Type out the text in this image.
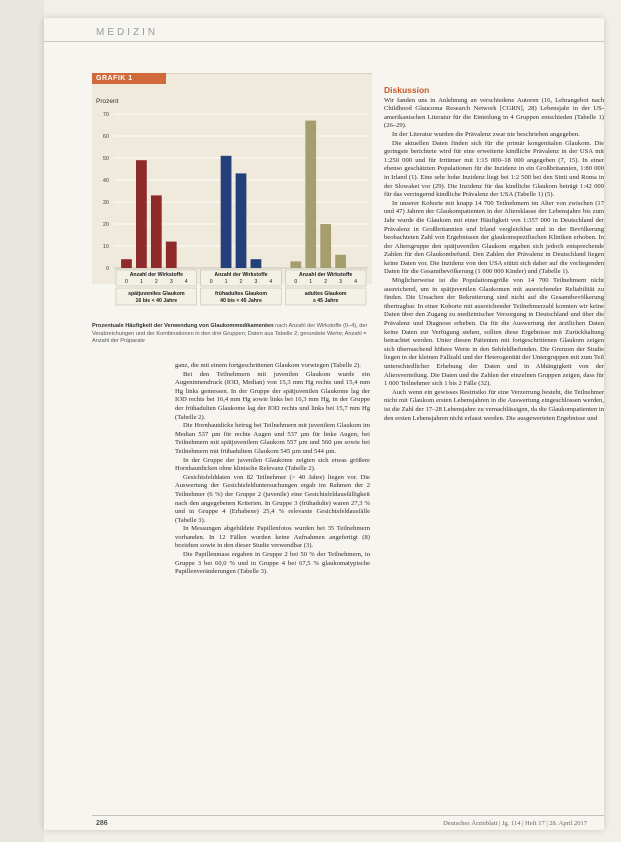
MEDIZIN
GRAFIK 1
Prozent
0
10
20
30
40
50
60
70
Anzahl der Wirkstoffe
0 1 2 3 4
spätjuveniles Glaukom
16 bis < 40 Jahre
Anzahl der Wirkstoffe
0 1 2 3 4
frühadultes Glaukom
40 bis < 45 Jahre
Anzahl der Wirkstoffe
0 1 2 3 4
adultes Glaukom
≥ 45 Jahre
Prozentuale Häufigkeit der Verwendung von Glaukommedikamenten nach Anzahl der Wirkstoffe (0–4), der Verabreichungen und der Kombinationen in den drei Gruppen; Daten aus Tabelle 2; gerundete Werte; Anzahl = Anzahl der Präparate
Diskussion

Wir fanden uns in Anlehnung an verschiedene Autoren (16, Lehrangebot nach Childhood Glaucoma Research Network [CGRN], 28) Lebensjahr in der US-amerikanischen Literatur für die Einteilung in 4 Gruppen entschieden (Tabelle 1) (26–29).

In der Literatur wurden die Prävalenz zwar nie beschrieben angegeben.

Die aktuellen Daten finden sich für die primär kongenitalen Glaukom. Die geringste berichtete wird für eine erweiterte kindliche Prävalenz in der USA mit 1:250 000 und für Irrtümer mit 1:15 000–18 000 angegeben (7, 15). In einer ebenso geschätzten Populationen für die Inzidenz in ein Großbritannien, 1:80 000 in Irland (1). Eine sehr hohe Inzidenz liegt bei 1:2 500 bei den Sinti und Roma in der Slowakei vor (29). Die Inzidenz für das kindliche Glaukom beträgt 1:42 000 für das verringernd kindliche Prävalenz der USA (Tabelle 1) (5).

In unserer Kohorte mit knapp 14 700 Teilnehmern im Alter von zwischen (17 und 47) Jahren der Glaukompatienten in der Altersklasse der Lebensjahre bis zum Jahr wurde die Glaukom mit einer Häufigkeit von 1:357 000 in Deutschland der Prävalenz in Großbritannien und Irland vergleichbar und in der Bevölkerung beobachteten Zahl von Ergebnissen der glaukomspezifischen Kliniken erhoben. In der Altersgruppe den spätjuvenilen Glaukom ergaben sich jedoch entsprechende Zahlen für den Glaukombefund. Den Zahlen der Prävalenz in Deutschland liegen keine Daten vor. Die Inzidenz von den USA stützt sich daher auf die vorliegenden Daten für die Gesamtbevölkerung (1 000 000 Kinder) und (Tabelle 1).

Möglicherweise ist die Populationsgröße von 14 700 Teilnehmern nicht ausreichend, um in spätjuvenilen Glaukomen mit ausreichender Reliabilität zu finden. Die Ursachen der Rekrutierung sind nicht auf die Gesamtbevölkerung übertragbar. In einer Kohorte mit ausreichender Teilnehmerzahl konnten wir keine Daten über den Zugang zu medizinischer Versorgung in Deutschland und über die Prävalenz und Diagnose erheben. Da für die Auswertung der ärztlichen Daten keine Daten zur Verfügung stehen, sollten diese Ergebnisse mit Zurückhaltung betrachtet werden. Unter diesen Patienten mit fortgeschrittenen Glaukom zeigen sich überraschend höhere Werte in den Sehfeldbefunden. Die Grenzen der Studie liegen in der kleinen Fallzahl und der Heterogenität der Untergruppen mit zum Teil unterschiedlicher Erhebung der Daten und in Abhängigkeit von der Altersverteilung. Die Daten und die Zahlen der einzelnen Gruppen zeigen, dass für 1 000 Teilnehmer sich 1 bis 2 Fälle (32).

Auch wenn ein gewisses Restrisiko für eine Verzerrung besteht, die Teilnehmer nicht mit Glaukom ersten Lebensjahren in die Auswertung eingeschlossen werden, ist die Zahl der 17–28 Lebensjahre zu vernachlässigen, da die Glaukompatienten in den ersten Lebensjahren nicht erfasst werden. Die ausgewerteten Ergebnisse und

ganz, die mit einem fortgeschrittenen Glaukom vorwiegen (Tabelle 2).

Bei den Teilnehmern mit juvenilen Glaukom wurde ein Augeninnendruck (IOD, Median) von 15,3 mm Hg rechts und 15,4 mm Hg links gemessen. In der Gruppe der spätjuvenilen Glaukome lag der IOD rechts bei 16,4 mm Hg sowie links bei 16,3 mm Hg, in der Gruppe der frühadulten Glaukome lag der IOD rechts und links bei 15,7 mm Hg (Tabelle 2).

Die Hornhautdicke betrug bei Teilnehmern mit juvenilem Glaukom im Median 537 µm für rechte Augen und 537 µm für linke Augen, bei Teilnehmern mit spätjuvenilem Glaukom 557 µm und 560 µm sowie bei Teilnehmern mit frühadultem Glaukom 545 µm und 544 µm.

In der Gruppe der juvenilen Glaukome zeigten sich etwas größere Hornhautdicken ohne klinische Relevanz (Tabelle 2).

Gesichtsfelddaten von 82 Teilnehmer (> 40 Jahre) liegen vor. Die Auswertung der Gesichtsfelduntersuchungen ergab im Rahmen der 2 Teilnehmer (6 %) der Gruppe 2 (juvenile) eine Gesichtsfeldausfälligkeit nach den angegebenen Kriterien. In Gruppe 3 (frühadulte) waren 27,3 % und in Gruppe 4 (Erhabene) 25,4 % relevante Gesichtsfeldausfälle (Tabelle 3).

In Messungen abgebildete Papillenfotos wurden bei 35 Teilnehmern vorhanden. In 12 Fällen wurden keine Aufnahmen angefertigt (8) beziehen sowie in den dieser Studie verwendbar (3).

Die Papillenmass ergaben in Gruppe 2 bei 50 % der Teilnehmern, in Gruppe 3 bei 60,0 % und in Gruppe 4 bei 67,5 % glaukomatypische Papillenveränderungen (Tabelle 3).

286	Deutsches Ärzteblatt | Jg. 114 | Heft 17 | 28. April 2017
